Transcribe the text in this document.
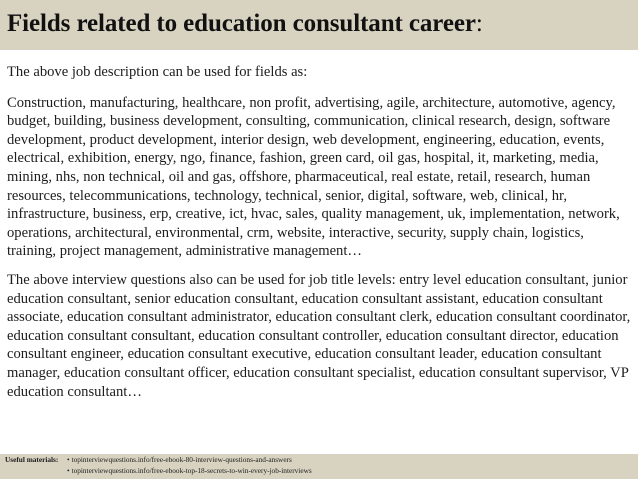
Fields related to education consultant career:

The above job description can be used for fields as:

Construction, manufacturing, healthcare, non profit, advertising, agile, architecture, automotive, agency, budget, building, business development, consulting, communication, clinical research, design, software development, product development, interior design, web development, engineering, education, events, electrical, exhibition, energy, ngo, finance, fashion, green card, oil gas, hospital, it, marketing, media, mining, nhs, non technical, oil and gas, offshore, pharmaceutical, real estate, retail, research, human resources, telecommunications, technology, technical, senior, digital, software, web, clinical, hr, infrastructure, business, erp, creative, ict, hvac, sales, quality management, uk, implementation, network, operations, architectural, environmental, crm, website, interactive, security, supply chain, logistics, training, project management, administrative management…

The above interview questions also can be used for job title levels: entry level education consultant, junior education consultant, senior education consultant, education consultant assistant, education consultant associate, education consultant administrator, education consultant clerk, education consultant coordinator, education consultant consultant, education consultant controller, education consultant director, education consultant engineer, education consultant executive, education consultant leader, education consultant manager, education consultant officer, education consultant specialist, education consultant supervisor, VP education consultant…

Useful materials:	• topinterviewquestions.info/free-ebook-80-interview-questions-and-answers
• topinterviewquestions.info/free-ebook-top-18-secrets-to-win-every-job-interviews
